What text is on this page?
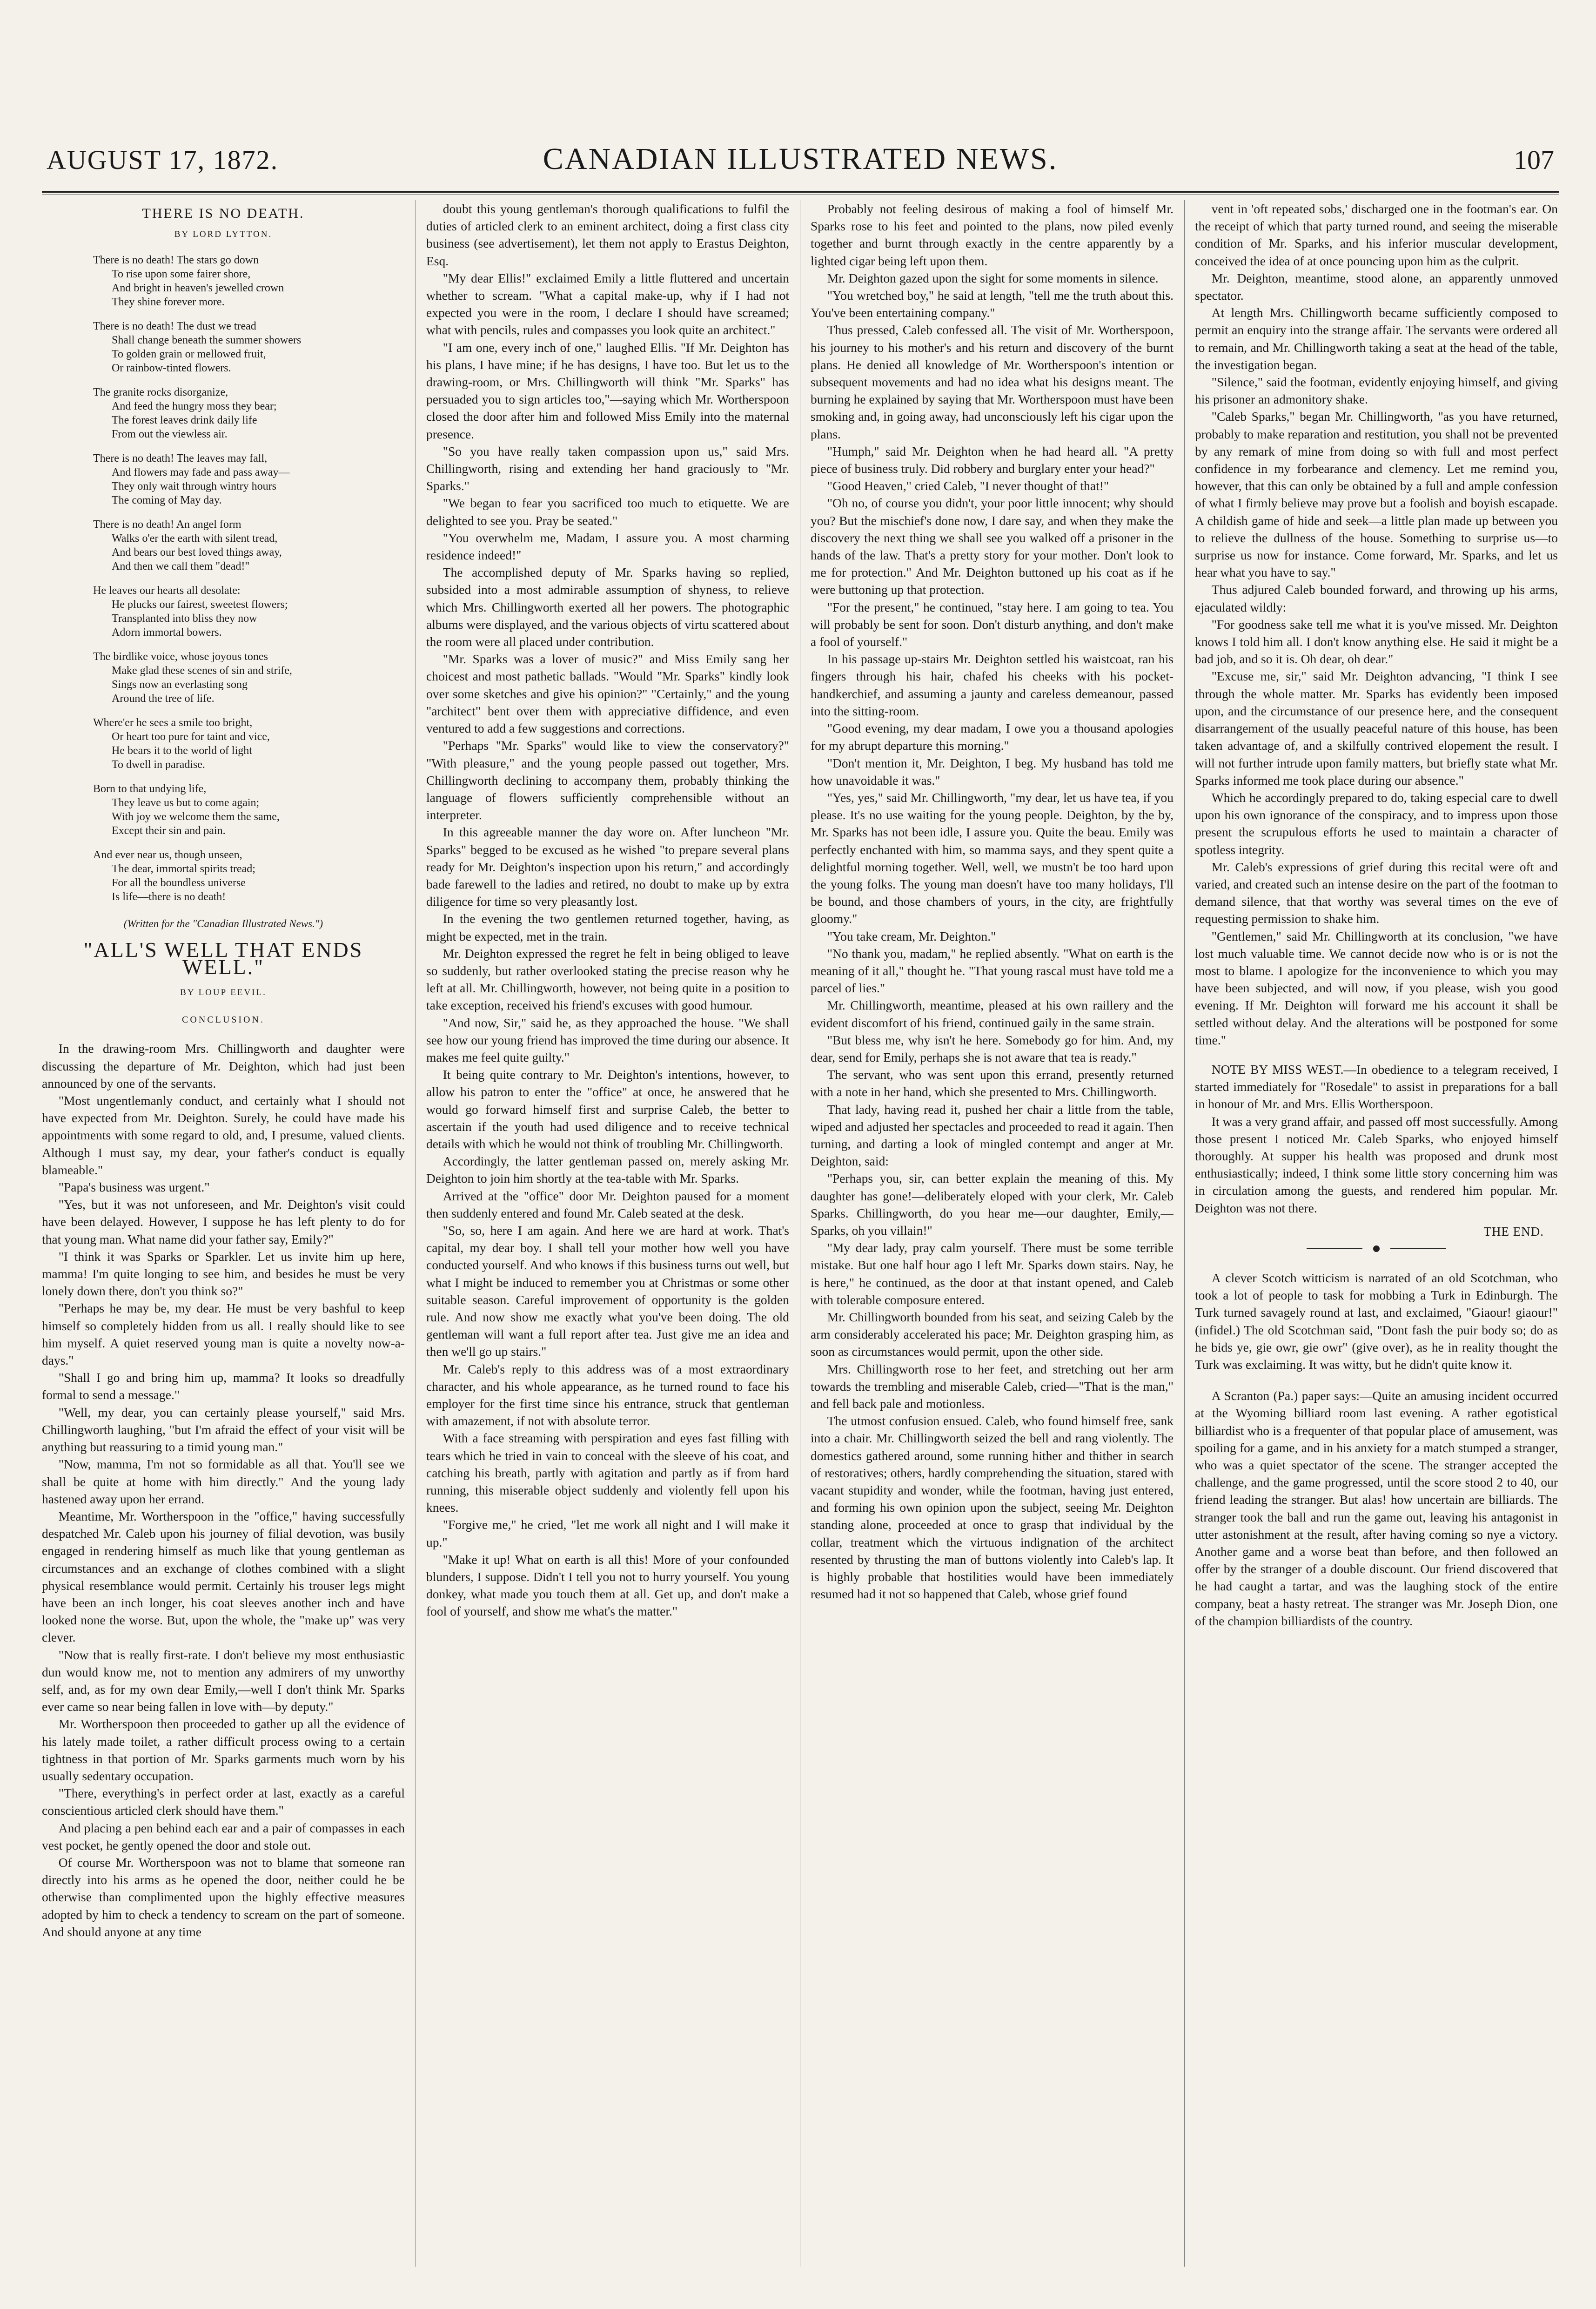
AUGUST 17, 1872.	CANADIAN ILLUSTRATED NEWS.	107
THERE IS NO DEATH.
BY LORD LYTTON.
There is no death! The stars go down
To rise upon some fairer shore,
And bright in heaven's jewelled crown
They shine forever more.
There is no death! The dust we tread
Shall change beneath the summer showers
To golden grain or mellowed fruit,
Or rainbow-tinted flowers.
The granite rocks disorganize,
And feed the hungry moss they bear;
The forest leaves drink daily life
From out the viewless air.
There is no death! The leaves may fall,
And flowers may fade and pass away—
They only wait through wintry hours
The coming of May day.
There is no death! An angel form
Walks o'er the earth with silent tread,
And bears our best loved things away,
And then we call them "dead!"
He leaves our hearts all desolate:
He plucks our fairest, sweetest flowers;
Transplanted into bliss they now
Adorn immortal bowers.
The birdlike voice, whose joyous tones
Make glad these scenes of sin and strife,
Sings now an everlasting song
Around the tree of life.
Where'er he sees a smile too bright,
Or heart too pure for taint and vice,
He bears it to the world of light
To dwell in paradise.
Born to that undying life,
They leave us but to come again;
With joy we welcome them the same,
Except their sin and pain.
And ever near us, though unseen,
The dear, immortal spirits tread;
For all the boundless universe
Is life—there is no death!
(Written for the "Canadian Illustrated News.")
"ALL'S WELL THAT ENDS WELL."
BY LOUP EEVIL.
CONCLUSION.

In the drawing-room Mrs. Chillingworth and daughter were discussing the departure of Mr. Deighton, which had just been announced by one of the servants.

"Most ungentlemanly conduct, and certainly what I should not have expected from Mr. Deighton. Surely, he could have made his appointments with some regard to old, and, I presume, valued clients. Although I must say, my dear, your father's conduct is equally blameable."

"Papa's business was urgent."

"Yes, but it was not unforeseen, and Mr. Deighton's visit could have been delayed. However, I suppose he has left plenty to do for that young man. What name did your father say, Emily?"

"I think it was Sparks or Sparkler. Let us invite him up here, mamma! I'm quite longing to see him, and besides he must be very lonely down there, don't you think so?"

"Perhaps he may be, my dear. He must be very bashful to keep himself so completely hidden from us all. I really should like to see him myself. A quiet reserved young man is quite a novelty now-a-days."

"Shall I go and bring him up, mamma? It looks so dreadfully formal to send a message."

"Well, my dear, you can certainly please yourself," said Mrs. Chillingworth laughing, "but I'm afraid the effect of your visit will be anything but reassuring to a timid young man."

"Now, mamma, I'm not so formidable as all that. You'll see we shall be quite at home with him directly." And the young lady hastened away upon her errand.

Meantime, Mr. Wortherspoon in the "office," having successfully despatched Mr. Caleb upon his journey of filial devotion, was busily engaged in rendering himself as much like that young gentleman as circumstances and an exchange of clothes combined with a slight physical resemblance would permit. Certainly his trouser legs might have been an inch longer, his coat sleeves another inch and have looked none the worse. But, upon the whole, the "make up" was very clever.

"Now that is really first-rate. I don't believe my most enthusiastic dun would know me, not to mention any admirers of my unworthy self, and, as for my own dear Emily,—well I don't think Mr. Sparks ever came so near being fallen in love with—by deputy."

Mr. Wortherspoon then proceeded to gather up all the evidence of his lately made toilet, a rather difficult process owing to a certain tightness in that portion of Mr. Sparks garments much worn by his usually sedentary occupation.

"There, everything's in perfect order at last, exactly as a careful conscientious articled clerk should have them."

And placing a pen behind each ear and a pair of compasses in each vest pocket, he gently opened the door and stole out.

Of course Mr. Wortherspoon was not to blame that someone ran directly into his arms as he opened the door, neither could he be otherwise than complimented upon the highly effective measures adopted by him to check a tendency to scream on the part of someone. And should anyone at any time

doubt this young gentleman's thorough qualifications to fulfil the duties of articled clerk to an eminent architect, doing a first class city business (see advertisement), let them not apply to Erastus Deighton, Esq.

"My dear Ellis!" exclaimed Emily a little fluttered and uncertain whether to scream. "What a capital make-up, why if I had not expected you were in the room, I declare I should have screamed; what with pencils, rules and compasses you look quite an architect."

"I am one, every inch of one," laughed Ellis. "If Mr. Deighton has his plans, I have mine; if he has designs, I have too. But let us to the drawing-room, or Mrs. Chillingworth will think "Mr. Sparks" has persuaded you to sign articles too,"—saying which Mr. Wortherspoon closed the door after him and followed Miss Emily into the maternal presence.

"So you have really taken compassion upon us," said Mrs. Chillingworth, rising and extending her hand graciously to "Mr. Sparks."

"We began to fear you sacrificed too much to etiquette. We are delighted to see you. Pray be seated."

"You overwhelm me, Madam, I assure you. A most charming residence indeed!"

The accomplished deputy of Mr. Sparks having so replied, subsided into a most admirable assumption of shyness, to relieve which Mrs. Chillingworth exerted all her powers. The photographic albums were displayed, and the various objects of virtu scattered about the room were all placed under contribution.

"Mr. Sparks was a lover of music?" and Miss Emily sang her choicest and most pathetic ballads. "Would "Mr. Sparks" kindly look over some sketches and give his opinion?" "Certainly," and the young "architect" bent over them with appreciative diffidence, and even ventured to add a few suggestions and corrections.

"Perhaps "Mr. Sparks" would like to view the conservatory?" "With pleasure," and the young people passed out together, Mrs. Chillingworth declining to accompany them, probably thinking the language of flowers sufficiently comprehensible without an interpreter.

In this agreeable manner the day wore on. After luncheon "Mr. Sparks" begged to be excused as he wished "to prepare several plans ready for Mr. Deighton's inspection upon his return," and accordingly bade farewell to the ladies and retired, no doubt to make up by extra diligence for time so very pleasantly lost.

In the evening the two gentlemen returned together, having, as might be expected, met in the train.

Mr. Deighton expressed the regret he felt in being obliged to leave so suddenly, but rather overlooked stating the precise reason why he left at all. Mr. Chillingworth, however, not being quite in a position to take exception, received his friend's excuses with good humour.

"And now, Sir," said he, as they approached the house. "We shall see how our young friend has improved the time during our absence. It makes me feel quite guilty."

It being quite contrary to Mr. Deighton's intentions, however, to allow his patron to enter the "office" at once, he answered that he would go forward himself first and surprise Caleb, the better to ascertain if the youth had used diligence and to receive technical details with which he would not think of troubling Mr. Chillingworth.

Accordingly, the latter gentleman passed on, merely asking Mr. Deighton to join him shortly at the tea-table with Mr. Sparks.

Arrived at the "office" door Mr. Deighton paused for a moment then suddenly entered and found Mr. Caleb seated at the desk.

"So, so, here I am again. And here we are hard at work. That's capital, my dear boy. I shall tell your mother how well you have conducted yourself. And who knows if this business turns out well, but what I might be induced to remember you at Christmas or some other suitable season. Careful improvement of opportunity is the golden rule. And now show me exactly what you've been doing. The old gentleman will want a full report after tea. Just give me an idea and then we'll go up stairs."

Mr. Caleb's reply to this address was of a most extraordinary character, and his whole appearance, as he turned round to face his employer for the first time since his entrance, struck that gentleman with amazement, if not with absolute terror.

With a face streaming with perspiration and eyes fast filling with tears which he tried in vain to conceal with the sleeve of his coat, and catching his breath, partly with agitation and partly as if from hard running, this miserable object suddenly and violently fell upon his knees.

"Forgive me," he cried, "let me work all night and I will make it up."

"Make it up! What on earth is all this! More of your confounded blunders, I suppose. Didn't I tell you not to hurry yourself. You young donkey, what made you touch them at all. Get up, and don't make a fool of yourself, and show me what's the matter."

Probably not feeling desirous of making a fool of himself Mr. Sparks rose to his feet and pointed to the plans, now piled evenly together and burnt through exactly in the centre apparently by a lighted cigar being left upon them.

Mr. Deighton gazed upon the sight for some moments in silence.

"You wretched boy," he said at length, "tell me the truth about this. You've been entertaining company."

Thus pressed, Caleb confessed all. The visit of Mr. Wortherspoon, his journey to his mother's and his return and discovery of the burnt plans. He denied all knowledge of Mr. Wortherspoon's intention or subsequent movements and had no idea what his designs meant. The burning he explained by saying that Mr. Wortherspoon must have been smoking and, in going away, had unconsciously left his cigar upon the plans.

"Humph," said Mr. Deighton when he had heard all. "A pretty piece of business truly. Did robbery and burglary enter your head?"

"Good Heaven," cried Caleb, "I never thought of that!"

"Oh no, of course you didn't, your poor little innocent; why should you? But the mischief's done now, I dare say, and when they make the discovery the next thing we shall see you walked off a prisoner in the hands of the law. That's a pretty story for your mother. Don't look to me for protection." And Mr. Deighton buttoned up his coat as if he were buttoning up that protection.

"For the present," he continued, "stay here. I am going to tea. You will probably be sent for soon. Don't disturb anything, and don't make a fool of yourself."

In his passage up-stairs Mr. Deighton settled his waistcoat, ran his fingers through his hair, chafed his cheeks with his pocket-handkerchief, and assuming a jaunty and careless demeanour, passed into the sitting-room.

"Good evening, my dear madam, I owe you a thousand apologies for my abrupt departure this morning."

"Don't mention it, Mr. Deighton, I beg. My husband has told me how unavoidable it was."

"Yes, yes," said Mr. Chillingworth, "my dear, let us have tea, if you please. It's no use waiting for the young people. Deighton, by the by, Mr. Sparks has not been idle, I assure you. Quite the beau. Emily was perfectly enchanted with him, so mamma says, and they spent quite a delightful morning together. Well, well, we mustn't be too hard upon the young folks. The young man doesn't have too many holidays, I'll be bound, and those chambers of yours, in the city, are frightfully gloomy."

"You take cream, Mr. Deighton."

"No thank you, madam," he replied absently. "What on earth is the meaning of it all," thought he. "That young rascal must have told me a parcel of lies."

Mr. Chillingworth, meantime, pleased at his own raillery and the evident discomfort of his friend, continued gaily in the same strain.

"But bless me, why isn't he here. Somebody go for him. And, my dear, send for Emily, perhaps she is not aware that tea is ready."

The servant, who was sent upon this errand, presently returned with a note in her hand, which she presented to Mrs. Chillingworth.

That lady, having read it, pushed her chair a little from the table, wiped and adjusted her spectacles and proceeded to read it again. Then turning, and darting a look of mingled contempt and anger at Mr. Deighton, said:

"Perhaps you, sir, can better explain the meaning of this. My daughter has gone!—deliberately eloped with your clerk, Mr. Caleb Sparks. Chillingworth, do you hear me—our daughter, Emily,—Sparks, oh you villain!"

"My dear lady, pray calm yourself. There must be some terrible mistake. But one half hour ago I left Mr. Sparks down stairs. Nay, he is here," he continued, as the door at that instant opened, and Caleb with tolerable composure entered.

Mr. Chillingworth bounded from his seat, and seizing Caleb by the arm considerably accelerated his pace; Mr. Deighton grasping him, as soon as circumstances would permit, upon the other side.

Mrs. Chillingworth rose to her feet, and stretching out her arm towards the trembling and miserable Caleb, cried—"That is the man," and fell back pale and motionless.

The utmost confusion ensued. Caleb, who found himself free, sank into a chair. Mr. Chillingworth seized the bell and rang violently. The domestics gathered around, some running hither and thither in search of restoratives; others, hardly comprehending the situation, stared with vacant stupidity and wonder, while the footman, having just entered, and forming his own opinion upon the subject, seeing Mr. Deighton standing alone, proceeded at once to grasp that individual by the collar, treatment which the virtuous indignation of the architect resented by thrusting the man of buttons violently into Caleb's lap. It is highly probable that hostilities would have been immediately resumed had it not so happened that Caleb, whose grief found

vent in 'oft repeated sobs,' discharged one in the footman's ear. On the receipt of which that party turned round, and seeing the miserable condition of Mr. Sparks, and his inferior muscular development, conceived the idea of at once pouncing upon him as the culprit.

Mr. Deighton, meantime, stood alone, an apparently unmoved spectator.

At length Mrs. Chillingworth became sufficiently composed to permit an enquiry into the strange affair. The servants were ordered all to remain, and Mr. Chillingworth taking a seat at the head of the table, the investigation began.

"Silence," said the footman, evidently enjoying himself, and giving his prisoner an admonitory shake.

"Caleb Sparks," began Mr. Chillingworth, "as you have returned, probably to make reparation and restitution, you shall not be prevented by any remark of mine from doing so with full and most perfect confidence in my forbearance and clemency. Let me remind you, however, that this can only be obtained by a full and ample confession of what I firmly believe may prove but a foolish and boyish escapade. A childish game of hide and seek—a little plan made up between you to relieve the dullness of the house. Something to surprise us—to surprise us now for instance. Come forward, Mr. Sparks, and let us hear what you have to say."

Thus adjured Caleb bounded forward, and throwing up his arms, ejaculated wildly:

"For goodness sake tell me what it is you've missed. Mr. Deighton knows I told him all. I don't know anything else. He said it might be a bad job, and so it is. Oh dear, oh dear."

"Excuse me, sir," said Mr. Deighton advancing, "I think I see through the whole matter. Mr. Sparks has evidently been imposed upon, and the circumstance of our presence here, and the consequent disarrangement of the usually peaceful nature of this house, has been taken advantage of, and a skilfully contrived elopement the result. I will not further intrude upon family matters, but briefly state what Mr. Sparks informed me took place during our absence."

Which he accordingly prepared to do, taking especial care to dwell upon his own ignorance of the conspiracy, and to impress upon those present the scrupulous efforts he used to maintain a character of spotless integrity.

Mr. Caleb's expressions of grief during this recital were oft and varied, and created such an intense desire on the part of the footman to demand silence, that that worthy was several times on the eve of requesting permission to shake him.

"Gentlemen," said Mr. Chillingworth at its conclusion, "we have lost much valuable time. We cannot decide now who is or is not the most to blame. I apologize for the inconvenience to which you may have been subjected, and will now, if you please, wish you good evening. If Mr. Deighton will forward me his account it shall be settled without delay. And the alterations will be postponed for some time."

NOTE BY MISS WEST.—In obedience to a telegram received, I started immediately for "Rosedale" to assist in preparations for a ball in honour of Mr. and Mrs. Ellis Wortherspoon.

It was a very grand affair, and passed off most successfully. Among those present I noticed Mr. Caleb Sparks, who enjoyed himself thoroughly. At supper his health was proposed and drunk most enthusiastically; indeed, I think some little story concerning him was in circulation among the guests, and rendered him popular. Mr. Deighton was not there.

THE END.

A clever Scotch witticism is narrated of an old Scotchman, who took a lot of people to task for mobbing a Turk in Edinburgh. The Turk turned savagely round at last, and exclaimed, "Giaour! giaour!" (infidel.) The old Scotchman said, "Dont fash the puir body so; do as he bids ye, gie owr, gie owr" (give over), as he in reality thought the Turk was exclaiming. It was witty, but he didn't quite know it.

A Scranton (Pa.) paper says:—Quite an amusing incident occurred at the Wyoming billiard room last evening. A rather egotistical billiardist who is a frequenter of that popular place of amusement, was spoiling for a game, and in his anxiety for a match stumped a stranger, who was a quiet spectator of the scene. The stranger accepted the challenge, and the game progressed, until the score stood 2 to 40, our friend leading the stranger. But alas! how uncertain are billiards. The stranger took the ball and run the game out, leaving his antagonist in utter astonishment at the result, after having coming so nye a victory. Another game and a worse beat than before, and then followed an offer by the stranger of a double discount. Our friend discovered that he had caught a tartar, and was the laughing stock of the entire company, beat a hasty retreat. The stranger was Mr. Joseph Dion, one of the champion billiardists of the country.
